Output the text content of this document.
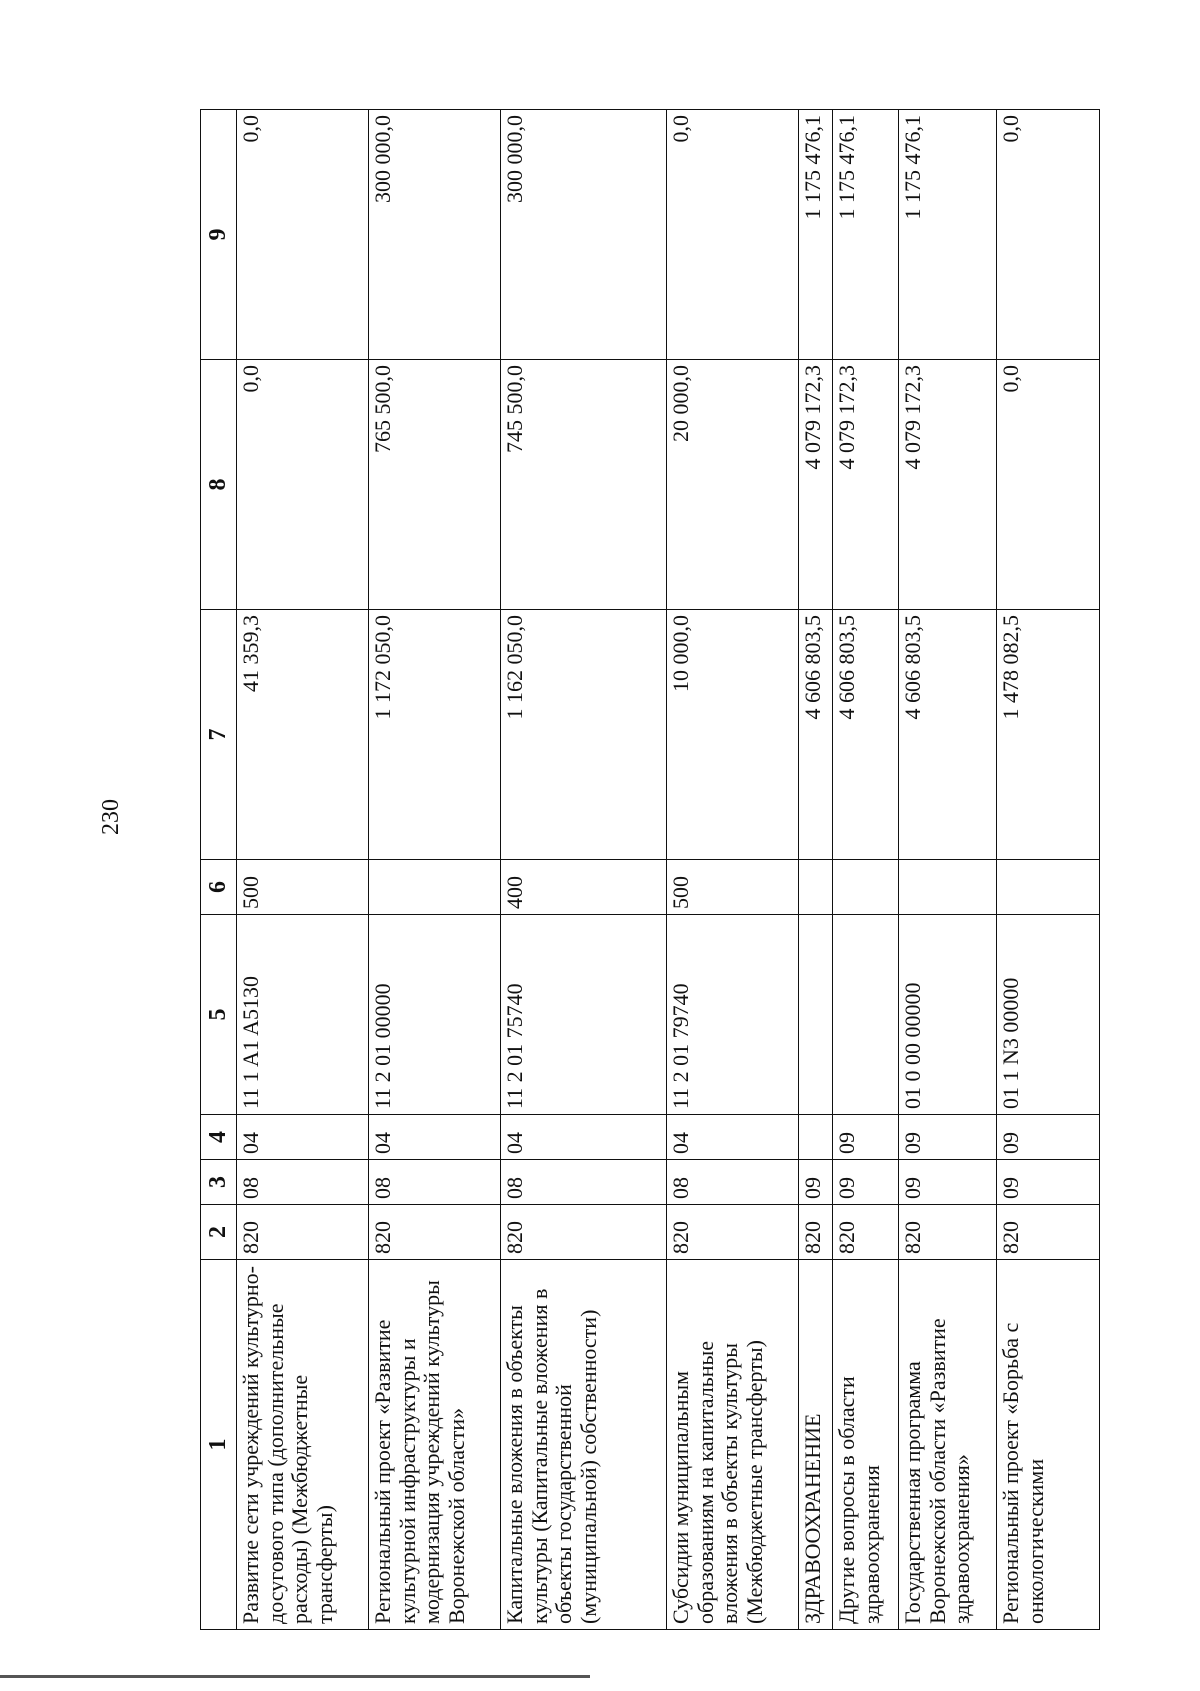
230
1	2	3	4	5	6	7	8	9
Развитие сети учреждений культурно-досугового типа (дополнительные расходы) (Межбюджетные трансферты)	820	08	04	11 1 A1 A5130	500	41 359,3	0,0	0,0
Региональный проект «Развитие культурной инфраструктуры и модернизация учреждений культуры Воронежской области»	820	08	04	11 2 01 00000		1 172 050,0	765 500,0	300 000,0
Капитальные вложения в объекты культуры (Капитальные вложения в объекты государственной (муниципальной) собственности)	820	08	04	11 2 01 75740	400	1 162 050,0	745 500,0	300 000,0
Субсидии муниципальным образованиям на капитальные вложения в объекты культуры (Межбюджетные трансферты)	820	08	04	11 2 01 79740	500	10 000,0	20 000,0	0,0
ЗДРАВООХРАНЕНИЕ	820	09				4 606 803,5	4 079 172,3	1 175 476,1
Другие вопросы в области здравоохранения	820	09	09			4 606 803,5	4 079 172,3	1 175 476,1
Государственная программа Воронежской области «Развитие здравоохранения»	820	09	09	01 0 00 00000		4 606 803,5	4 079 172,3	1 175 476,1
Региональный проект «Борьба с онкологическими	820	09	09	01 1 N3 00000		1 478 082,5	0,0	0,0
